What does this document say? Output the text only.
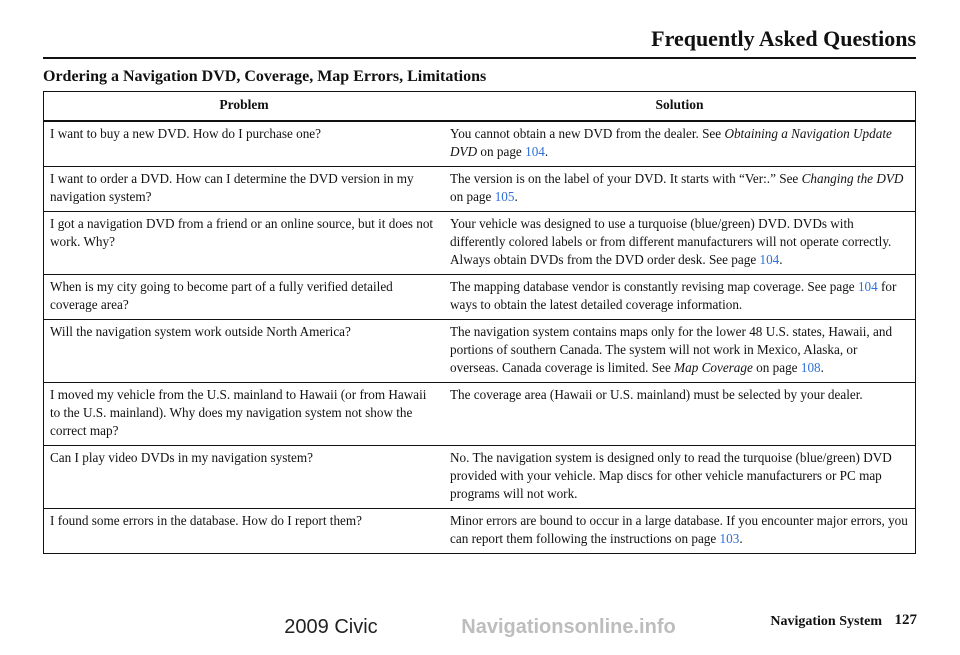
Frequently Asked Questions
Ordering a Navigation DVD, Coverage, Map Errors, Limitations
Problem	Solution
I want to buy a new DVD. How do I purchase one?	You cannot obtain a new DVD from the dealer. See Obtaining a Navigation Update DVD on page 104.
I want to order a DVD. How can I determine the DVD version in my navigation system?	The version is on the label of your DVD. It starts with “Ver:.” See Changing the DVD on page 105.
I got a navigation DVD from a friend or an online source, but it does not work. Why?	Your vehicle was designed to use a turquoise (blue/green) DVD. DVDs with differently colored labels or from different manufacturers will not operate correctly. Always obtain DVDs from the DVD order desk. See page 104.
When is my city going to become part of a fully verified detailed coverage area?	The mapping database vendor is constantly revising map coverage. See page 104 for ways to obtain the latest detailed coverage information.
Will the navigation system work outside North America?	The navigation system contains maps only for the lower 48 U.S. states, Hawaii, and portions of southern Canada. The system will not work in Mexico, Alaska, or overseas. Canada coverage is limited. See Map Coverage on page 108.
I moved my vehicle from the U.S. mainland to Hawaii (or from Hawaii to the U.S. mainland). Why does my navigation system not show the correct map?	The coverage area (Hawaii or U.S. mainland) must be selected by your dealer.
Can I play video DVDs in my navigation system?	No. The navigation system is designed only to read the turquoise (blue/green) DVD provided with your vehicle. Map discs for other vehicle manufacturers or PC map programs will not work.
I found some errors in the database. How do I report them?	Minor errors are bound to occur in a large database. If you encounter major errors, you can report them following the instructions on page 103.
Navigation System 127
2009 Civic	Navigationsonline.info
